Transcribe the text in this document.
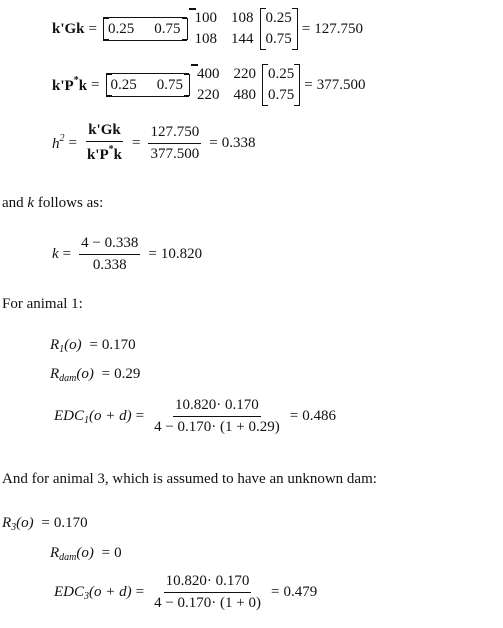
k'Gk = 0.25 0.75
100 108
108 144
0.25
0.75
= 127.750
k'P*k = 0.25 0.75
400 220
220 480
0.25
0.75
= 377.500
$h^2 = \frac{k'Gk}{k'P^*k} = \frac{127.750}{377.500} = 0.338$
and k follows as:
$k = \frac{4 - 0.338}{0.338} = 10.820$
For animal 1:
$R_1(o) = 0.170$
$R_{dam}(o) = 0.29$
$EDC_1(o + d) = \frac{10.820\cdot 0.170}{4 - 0.170\cdot (1 + 0.29)} = 0.486$
And for animal 3, which is assumed to have an unknown dam:
$R_3(o) = 0.170$
$R_{dam}(o) = 0$
$EDC_3(o + d) = \frac{10.820\cdot 0.170}{4 - 0.170\cdot (1 + 0)} = 0.479$
